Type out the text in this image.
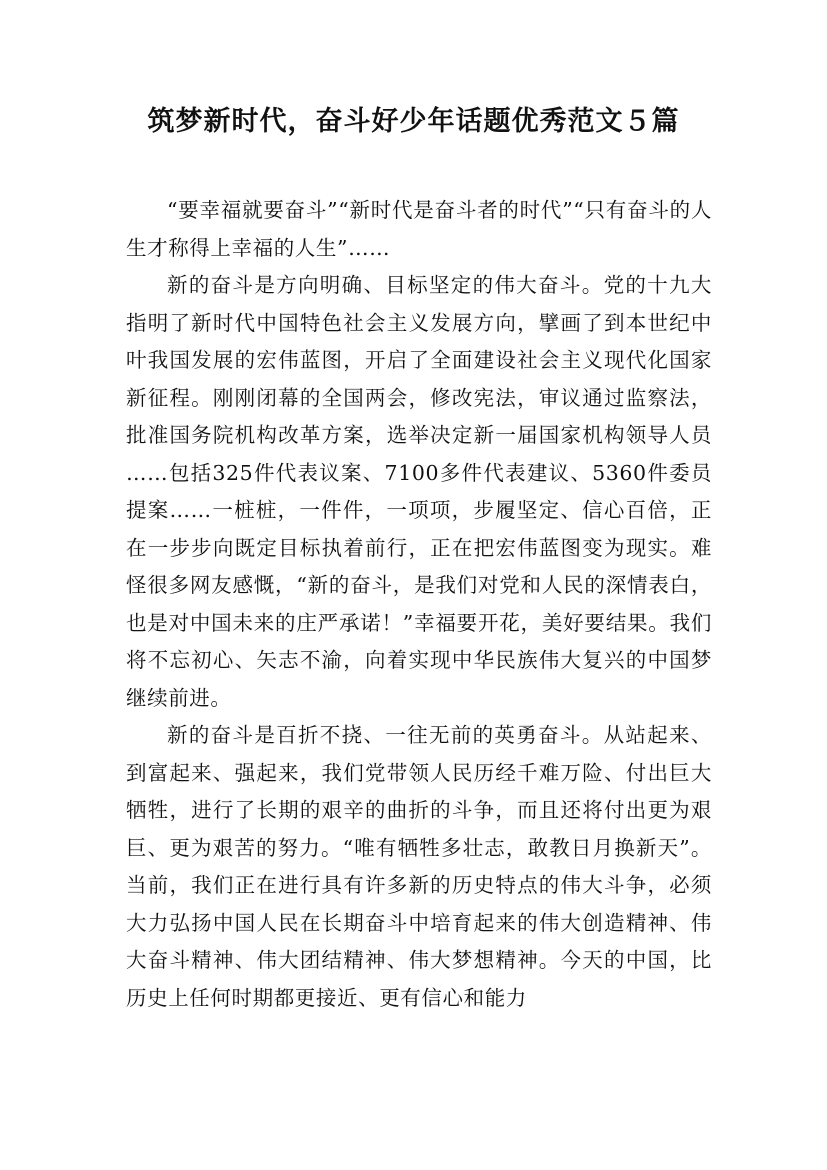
筑梦新时代，奋斗好少年话题优秀范文５篇

“要幸福就要奋斗”“新时代是奋斗者的时代”“只有奋斗的人生才称得上幸福的人生”……

新的奋斗是方向明确、目标坚定的伟大奋斗。党的十九大指明了新时代中国特色社会主义发展方向，擘画了到本世纪中叶我国发展的宏伟蓝图，开启了全面建设社会主义现代化国家新征程。刚刚闭幕的全国两会，修改宪法，审议通过监察法，批准国务院机构改革方案，选举决定新一届国家机构领导人员……包括325件代表议案、7100多件代表建议、5360件委员提案……一桩桩，一件件，一项项，步履坚定、信心百倍，正在一步步向既定目标执着前行，正在把宏伟蓝图变为现实。难怪很多网友感慨，“新的奋斗，是我们对党和人民的深情表白，也是对中国未来的庄严承诺！”幸福要开花，美好要结果。我们将不忘初心、矢志不渝，向着实现中华民族伟大复兴的中国梦继续前进。

新的奋斗是百折不挠、一往无前的英勇奋斗。从站起来、到富起来、强起来，我们党带领人民历经千难万险、付出巨大牺牲，进行了长期的艰辛的曲折的斗争，而且还将付出更为艰巨、更为艰苦的努力。“唯有牺牲多壮志，敢教日月换新天”。当前，我们正在进行具有许多新的历史特点的伟大斗争，必须大力弘扬中国人民在长期奋斗中培育起来的伟大创造精神、伟大奋斗精神、伟大团结精神、伟大梦想精神。今天的中国，比历史上任何时期都更接近、更有信心和能力
